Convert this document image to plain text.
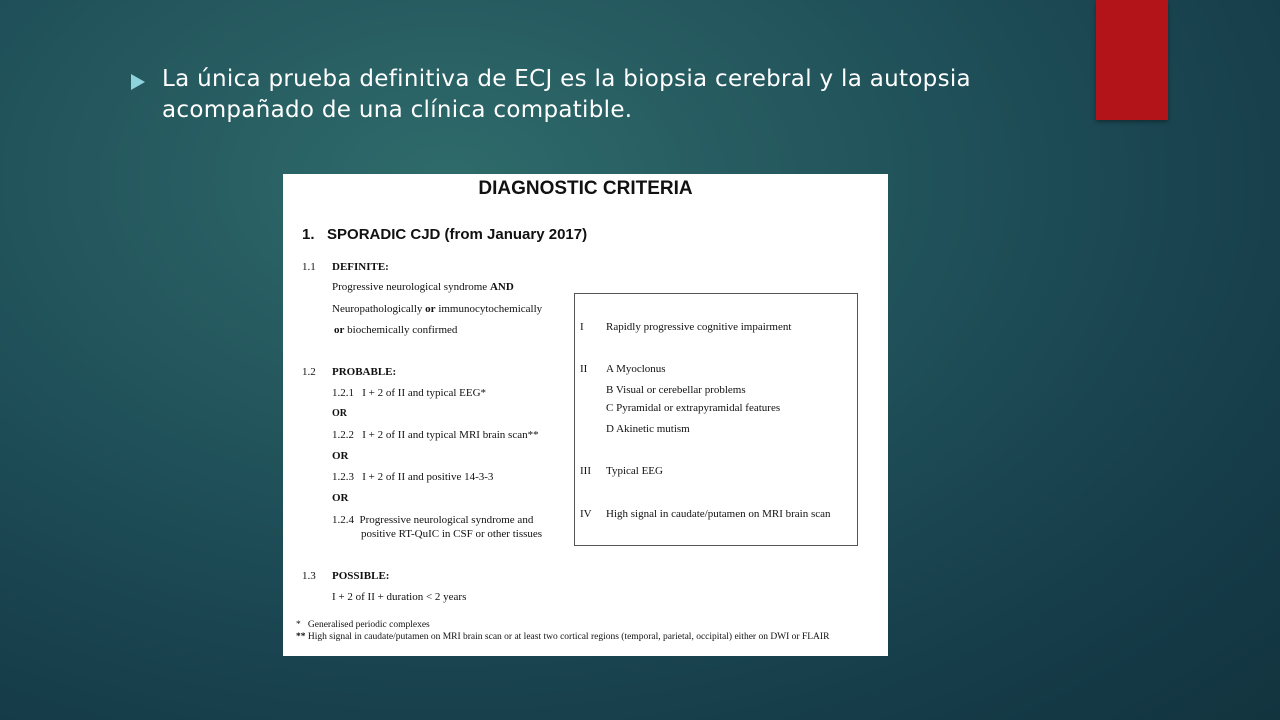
La única prueba definitiva de ECJ es la biopsia cerebral y la autopsia acompañado de una clínica compatible.
DIAGNOSTIC CRITERIA
1. SPORADIC CJD (from January 2017)
1.1 DEFINITE:
Progressive neurological syndrome AND
Neuropathologically or immunocytochemically
or biochemically confirmed
1.2 PROBABLE:
1.2.1 I + 2 of II and typical EEG*
OR
1.2.2 I + 2 of II and typical MRI brain scan**
OR
1.2.3 I + 2 of II and positive 14-3-3
OR
1.2.4 Progressive neurological syndrome and
positive RT-QuIC in CSF or other tissues
1.3 POSSIBLE:
I + 2 of II + duration < 2 years
I Rapidly progressive cognitive impairment
II A Myoclonus
B Visual or cerebellar problems
C Pyramidal or extrapyramidal features
D Akinetic mutism
III Typical EEG
IV High signal in caudate/putamen on MRI brain scan
* Generalised periodic complexes
** High signal in caudate/putamen on MRI brain scan or at least two cortical regions (temporal, parietal, occipital) either on DWI or FLAIR
